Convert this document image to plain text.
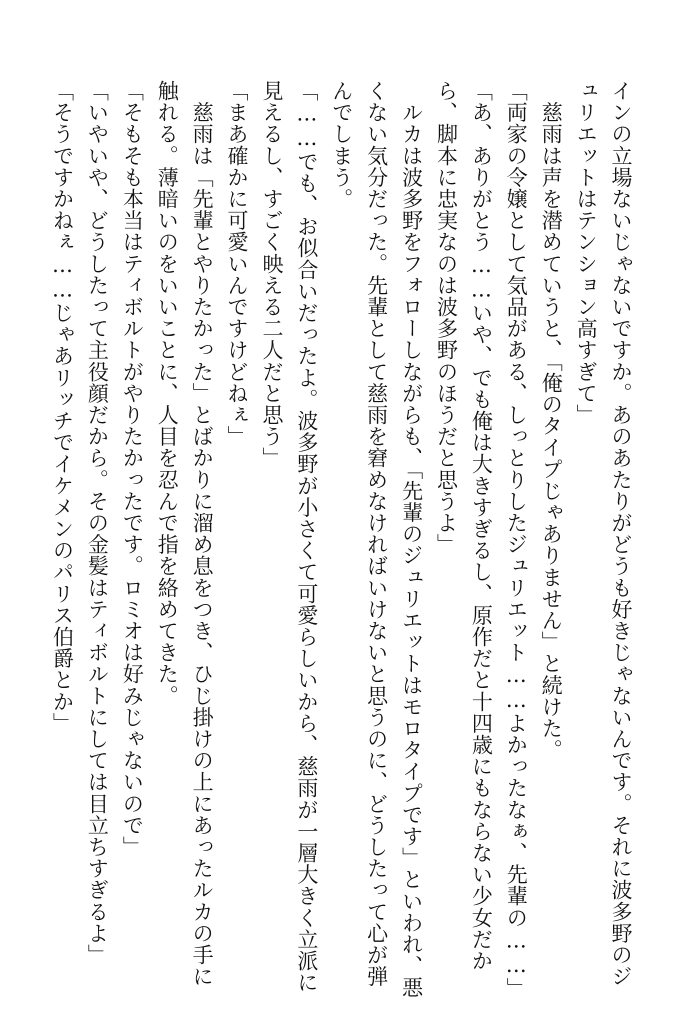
インの立場ないじゃないですか。あのあたりがどうも好きじゃないんです。それに波多野のジ
ュリエットはテンション高すぎて」
　慈雨は声を潜めていうと、「俺のタイプじゃありません」と続けた。
「両家の令嬢として気品がある、しっとりしたジュリエット……よかったなぁ、先輩の……」
「あ、ありがとう……いや、でも俺は大きすぎるし、原作だと十四歳にもならない少女だか
ら、脚本に忠実なのは波多野のほうだと思うよ」
　ルカは波多野をフォローしながらも、「先輩のジュリエットはモロタイプです」といわれ、悪
くない気分だった。先輩として慈雨を窘めなければいけないと思うのに、どうしたって心が弾
んでしまう。
「……でも、お似合いだったよ。波多野が小さくて可愛らしいから、慈雨が一層大きく立派に
見えるし、すごく映える二人だと思う」
「まあ確かに可愛いんですけどねぇ」
　慈雨は「先輩とやりたかった」とばかりに溜め息をつき、ひじ掛けの上にあったルカの手に
触れる。薄暗いのをいいことに、人目を忍んで指を絡めてきた。
「そもそも本当はティボルトがやりたかったです。ロミオは好みじゃないので」
「いやいや、どうしたって主役顔だから。その金髪はティボルトにしては目立ちすぎるよ」
「そうですかねぇ……じゃあリッチでイケメンのパリス伯爵とか」
